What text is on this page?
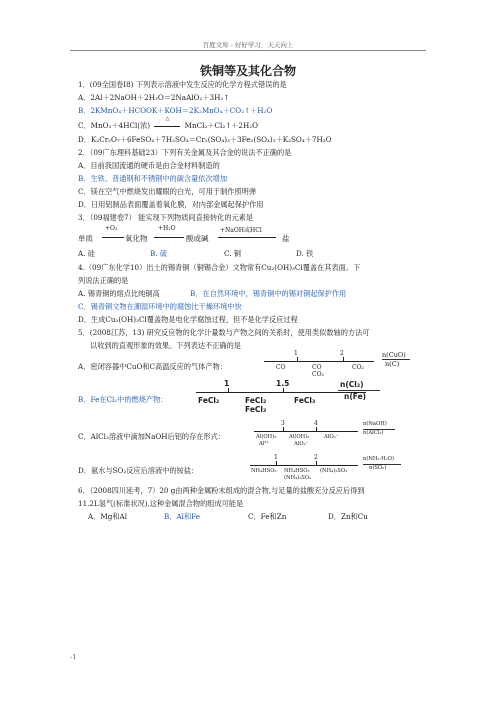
百度文库 - 好好学习，天天向上
铁铜等及其化合物
1．(09全国卷Ⅰ8) 下列表示溶液中发生反应的化学方程式错误的是
A．2Al＋2NaOH＋2H₂O＝2NaAlO₂＋3H₂↑
B．2KMnO₄＋HCOOK＋KOH＝2K₂MnO₄＋CO₂↑＋H₂O
C．MnO₂＋4HCl(浓)
△
MnCl₂＋Cl₂↑＋2H₂O
D．K₂Cr₂O₇＋6FeSO₄＋7H₂SO₄＝Cr₂(SO₄)₃＋3Fe₂(SO₄)₃＋K₂SO₄＋7H₂O
2．（09广东理科基础23）下列有关金属及其合金的说法不正确的是
A．目前我国流通的硬币是由合金材料制造的
B．生铁、普通钢和不锈钢中的碳含量依次增加
C．镁在空气中燃烧发出耀眼的白光，可用于制作照明弹
D．日用铝制品表面覆盖着氧化膜，对内部金属起保护作用
3．（09福建卷7） 能实现下列物质间直接转化的元素是
单质
+O₂
氧化物
+H₂O
酸或碱
+NaOH或HCl
盐
A. 硅	B. 硫	C. 铜	D. 铁
4.（09广东化学10）出土的锡青铜（铜锡合金）文物常有Cu₂(OH)₃Cl覆盖在其表面。下
列说法正确的是
A. 锡青铜的熔点比纯铜高	B．在自然环境中，锡青铜中的锡对铜起保护作用
C．锡青铜文物在潮湿环境中的腐蚀比干燥环境中快
D．生成Cu₂(OH)₃Cl覆盖物是电化学腐蚀过程，但不是化学反应过程
5．(2008江苏，13) 研究反应物的化学计量数与产物之间的关系时，使用类似数轴的方法可
以收到的直观形象的效果。下列表达不正确的是
A．密闭容器中CuO和C高温反应的气体产物：
1	2
CO	CO
CO₂
CO₂
n(CuO)
n(C)
B．Fe在Cl₂中的燃烧产物：
1	1.5
FeCl₂	FeCl₂
FeCl₃
FeCl₃
n(Cl₂)
n(Fe)
C．AlCl₃溶液中滴加NaOH后铝的存在形式：
3	4
Al(OH)₃
Al³⁺
Al(OH)₃
AlO₂⁻
AlO₂⁻
n(NaOH)
n(AlCl₃)
D．氨水与SO₂反应后溶液中的铵盐：
1	2
NH₄HSO₃ NH₄HSO₃
(NH₄)₂SO₃
(NH₄)₂SO₃
n(NH₃·H₂O)
n(SO₂)
6．（2008四川延考，7）20 g由两种金属粉末组成的混合物,与足量的盐酸充分反应后得到
11.2L氢气(标准状况),这种金属混合物的组成可能是
A．Mg和Al	B．Al和Fe	C．Fe和Zn	D．Zn和Cu
-1
